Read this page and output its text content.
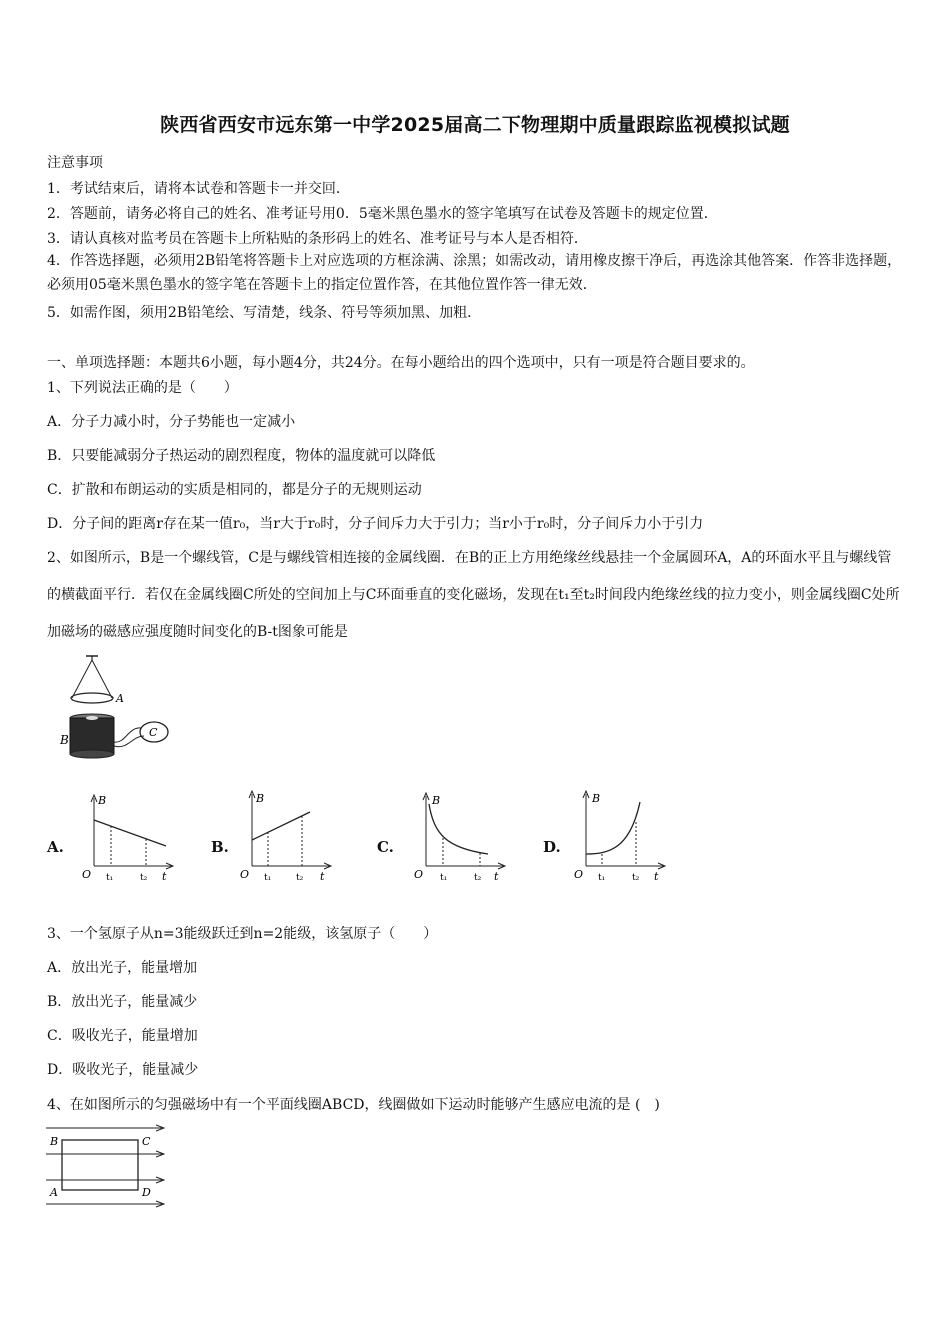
陕西省西安市远东第一中学2025届高二下物理期中质量跟踪监视模拟试题
注意事项
1．考试结束后，请将本试卷和答题卡一并交回．
2．答题前，请务必将自己的姓名、准考证号用0．5毫米黑色墨水的签字笔填写在试卷及答题卡的规定位置．
3．请认真核对监考员在答题卡上所粘贴的条形码上的姓名、准考证号与本人是否相符．
4．作答选择题，必须用2B铅笔将答题卡上对应选项的方框涂满、涂黑；如需改动，请用橡皮擦干净后，再选涂其他答案．作答非选择题，必须用05毫米黑色墨水的签字笔在答题卡上的指定位置作答，在其他位置作答一律无效．
5．如需作图，须用2B铅笔绘、写清楚，线条、符号等须加黑、加粗．
一、单项选择题：本题共6小题，每小题4分，共24分。在每小题给出的四个选项中，只有一项是符合题目要求的。
1、下列说法正确的是（　　）
A．分子力减小时，分子势能也一定减小
B．只要能减弱分子热运动的剧烈程度，物体的温度就可以降低
C．扩散和布朗运动的实质是相同的，都是分子的无规则运动
D．分子间的距离r存在某一值r₀，当r大于r₀时，分子间斥力大于引力；当r小于r₀时，分子间斥力小于引力
2、如图所示，B是一个螺线管，C是与螺线管相连接的金属线圈．在B的正上方用绝缘丝线悬挂一个金属圆环A，A的环面水平且与螺线管的横截面平行．若仅在金属线圈C所处的空间加上与C环面垂直的变化磁场，发现在t₁至t₂时间段内绝缘丝线的拉力变小，则金属线圈C处所加磁场的磁感应强度随时间变化的B-t图象可能是
A
B
C
A.	B.	C.	D.
B
O	t
t₁	t₂
B
O	t
t₁	t₂
B
O	t
t₁	t₂
B
O	t
t₁	t₂
3、一个氢原子从n=3能级跃迁到n=2能级，该氢原子（　　）
A．放出光子，能量增加
B．放出光子，能量减少
C．吸收光子，能量增加
D．吸收光子，能量减少
4、在如图所示的匀强磁场中有一个平面线圈ABCD，线圈做如下运动时能够产生感应电流的是 (　)
B	C
A	D
